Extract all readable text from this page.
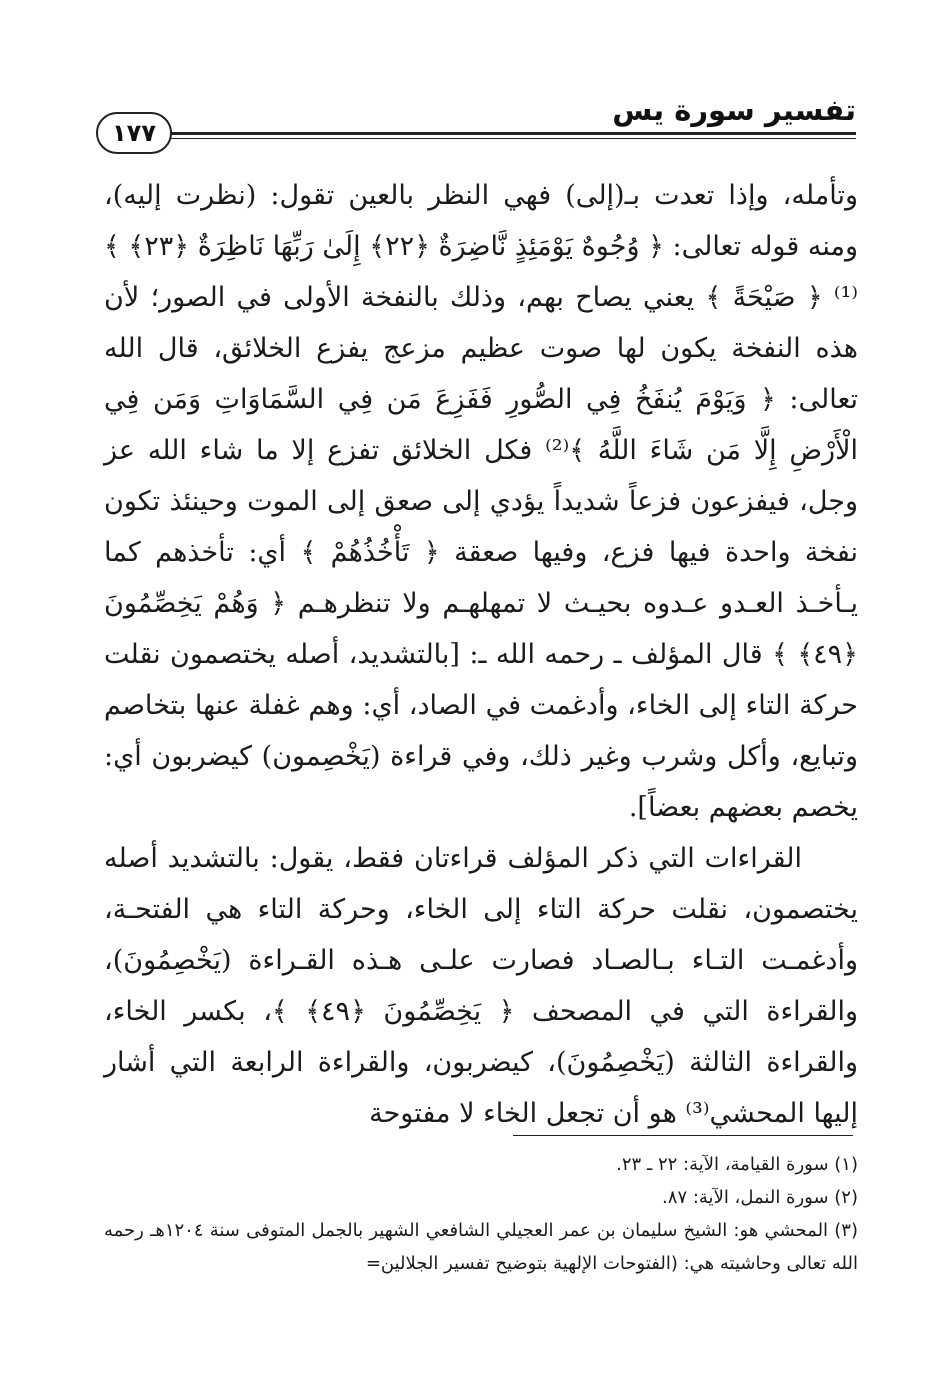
تفسير سورة يس
١٧٧

وتأمله، وإذا تعدت بـ(إلى) فهي النظر بالعين تقول: (نظرت إليه)، ومنه قوله تعالى: ﴿ وُجُوهٌ يَوْمَئِذٍ نَّاضِرَةٌ ﴿٢٢﴾ إِلَىٰ رَبِّهَا نَاظِرَةٌ ﴿٢٣﴾ ﴾⁽¹⁾ ﴿ صَيْحَةً ﴾ يعني يصاح بهم، وذلك بالنفخة الأولى في الصور؛ لأن هذه النفخة يكون لها صوت عظيم مزعج يفزع الخلائق، قال الله تعالى: ﴿ وَيَوْمَ يُنفَخُ فِي الصُّورِ فَفَزِعَ مَن فِي السَّمَاوَاتِ وَمَن فِي الْأَرْضِ إِلَّا مَن شَاءَ اللَّهُ ﴾⁽²⁾ فكل الخلائق تفزع إلا ما شاء الله عز وجل، فيفزعون فزعاً شديداً يؤدي إلى صعق إلى الموت وحينئذ تكون نفخة واحدة فيها فزع، وفيها صعقة ﴿ تَأْخُذُهُمْ ﴾ أي: تأخذهم كما يـأخـذ العـدو عـدوه بحيـث لا تمهلهـم ولا تنظرهـم ﴿ وَهُمْ يَخِصِّمُونَ ﴿٤٩﴾ ﴾ قال المؤلف ـ رحمه الله ـ: [بالتشديد، أصله يختصمون نقلت حركة التاء إلى الخاء، وأدغمت في الصاد، أي: وهم غفلة عنها بتخاصم وتبايع، وأكل وشرب وغير ذلك، وفي قراءة (يَخْصِمون) كيضربون أي: يخصم بعضهم بعضاً].

القراءات التي ذكر المؤلف قراءتان فقط، يقول: بالتشديد أصله يختصمون، نقلت حركة التاء إلى الخاء، وحركة التاء هي الفتحـة، وأدغمـت التـاء بـالصـاد فصارت علـى هـذه القـراءة (يَخْصِمُونَ)، والقراءة التي في المصحف ﴿ يَخِصِّمُونَ ﴿٤٩﴾ ﴾، بكسر الخاء، والقراءة الثالثة (يَخْصِمُونَ)، كيضربون، والقراءة الرابعة التي أشار إليها المحشي⁽³⁾ هو أن تجعل الخاء لا مفتوحة

(١) سورة القيامة، الآية: ٢٢ ـ ٢٣.

(٢) سورة النمل، الآية: ٨٧.

(٣) المحشي هو: الشيخ سليمان بن عمر العجيلي الشافعي الشهير بالجمل المتوفى سنة ١٢٠٤هـ رحمه الله تعالى وحاشيته هي: (الفتوحات الإلهية بتوضيح تفسير الجلالين=
